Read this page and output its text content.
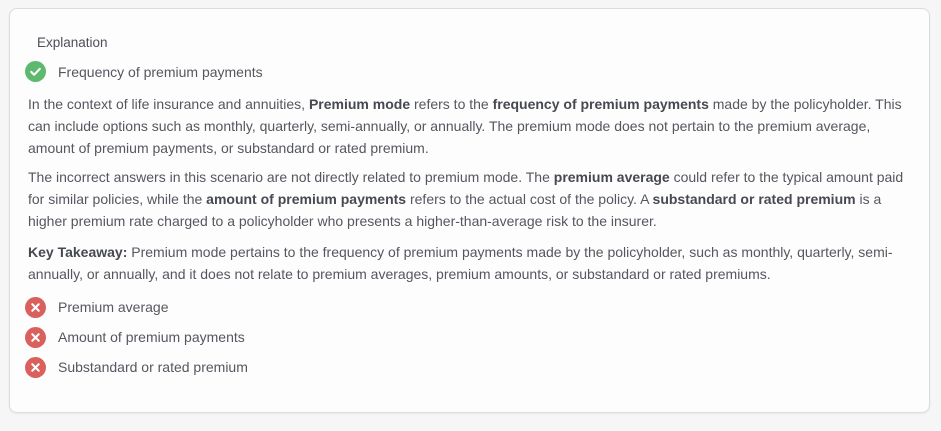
Explanation
Frequency of premium payments

In the context of life insurance and annuities, Premium mode refers to the frequency of premium payments made by the policyholder. This can include options such as monthly, quarterly, semi-annually, or annually. The premium mode does not pertain to the premium average, amount of premium payments, or substandard or rated premium.

The incorrect answers in this scenario are not directly related to premium mode. The premium average could refer to the typical amount paid for similar policies, while the amount of premium payments refers to the actual cost of the policy. A substandard or rated premium is a higher premium rate charged to a policyholder who presents a higher-than-average risk to the insurer.

Key Takeaway: Premium mode pertains to the frequency of premium payments made by the policyholder, such as monthly, quarterly, semi-annually, or annually, and it does not relate to premium averages, premium amounts, or substandard or rated premiums.

Premium average
Amount of premium payments
Substandard or rated premium
